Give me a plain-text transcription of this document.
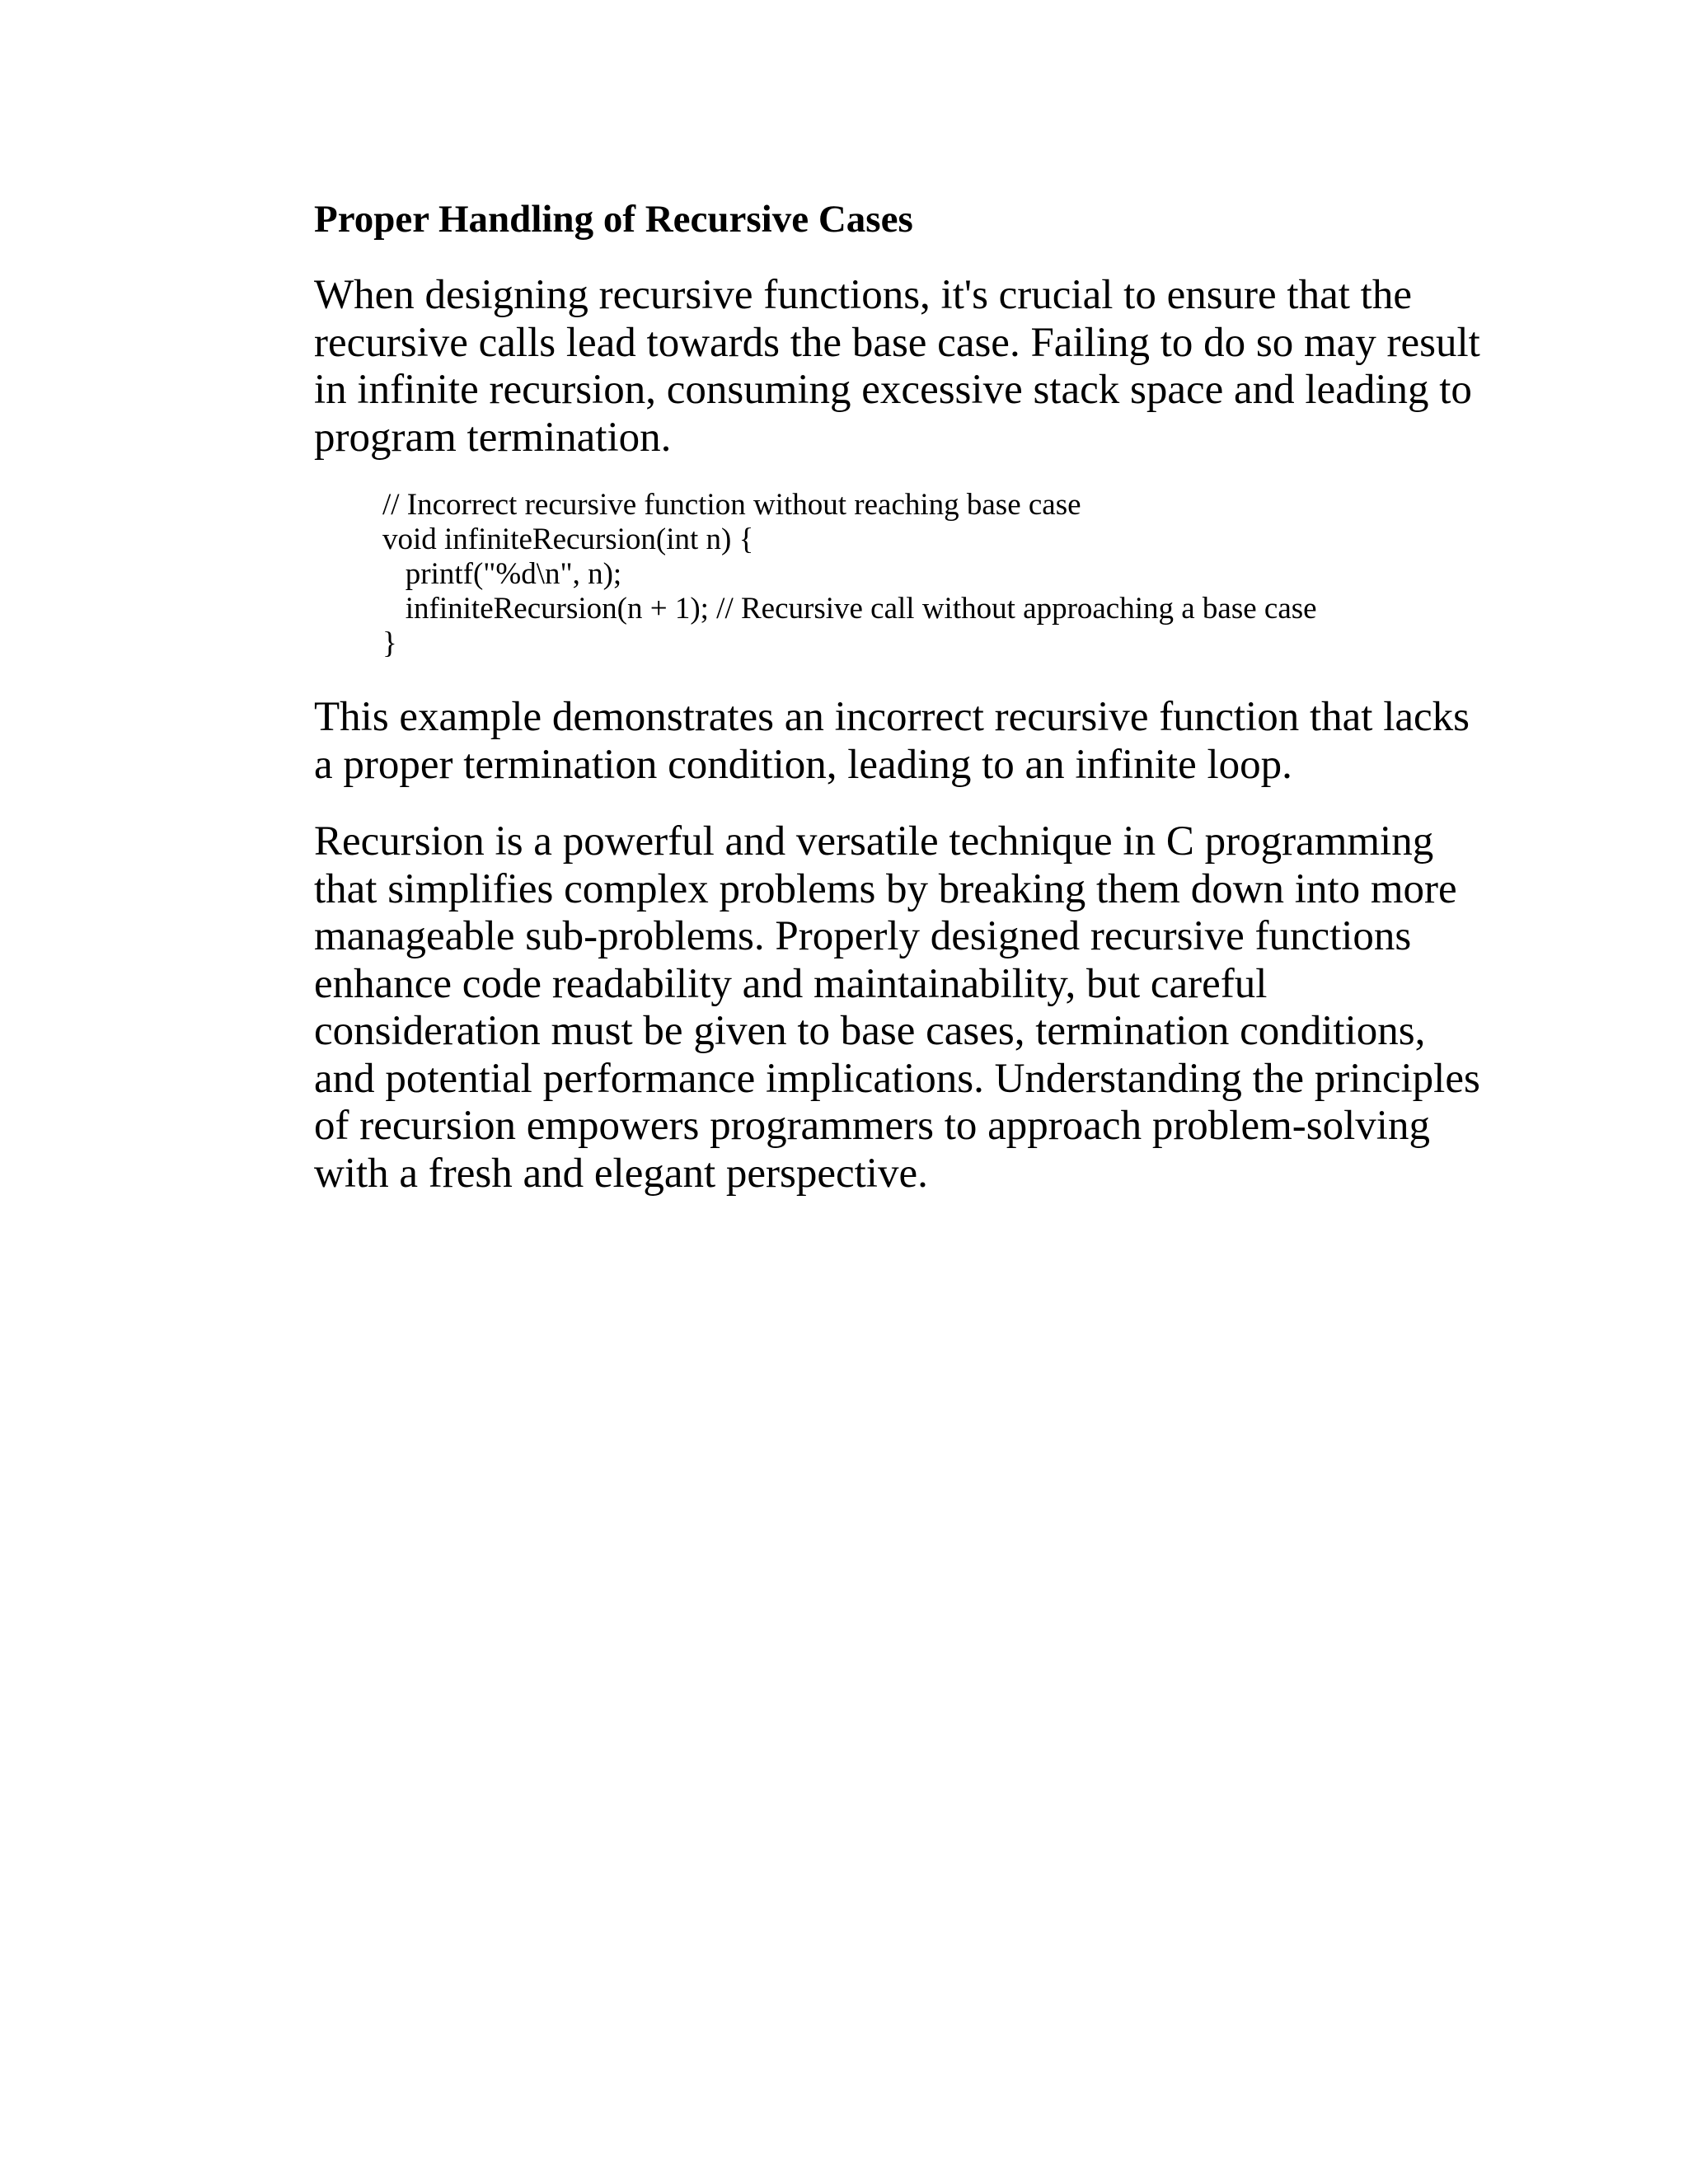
Proper Handling of Recursive Cases

When designing recursive functions, it's crucial to ensure that the
recursive calls lead towards the base case. Failing to do so may result
in infinite recursion, consuming excessive stack space and leading to
program termination.

// Incorrect recursive function without reaching base case
void infiniteRecursion(int n) {
printf("%d\n", n);
infiniteRecursion(n + 1); // Recursive call without approaching a base case
}

This example demonstrates an incorrect recursive function that lacks
a proper termination condition, leading to an infinite loop.

Recursion is a powerful and versatile technique in C programming
that simplifies complex problems by breaking them down into more
manageable sub-problems. Properly designed recursive functions
enhance code readability and maintainability, but careful
consideration must be given to base cases, termination conditions,
and potential performance implications. Understanding the principles
of recursion empowers programmers to approach problem-solving
with a fresh and elegant perspective.
